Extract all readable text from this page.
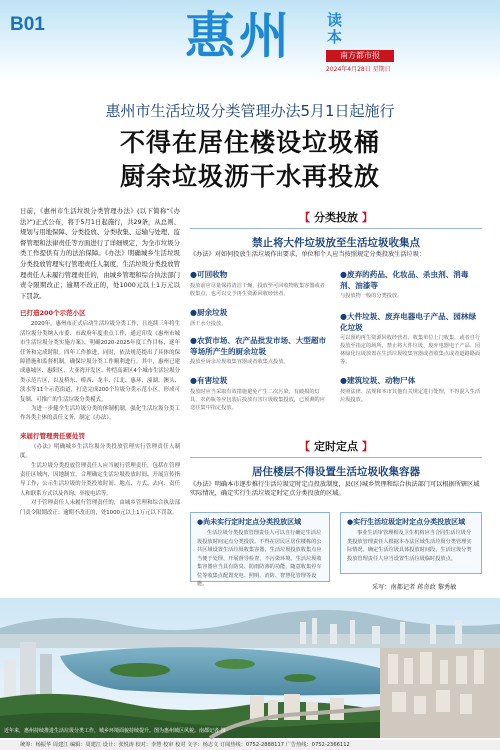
B01	惠州 读本
南方都市报
2024年4月28日 星期日
惠州市生活垃圾分类管理办法5月1日起施行
不得在居住楼设垃圾桶
厨余垃圾沥干水再投放

日前，《惠州市生活垃圾分类管理办法》(以下简称“《办法》”)正式公布，将于5月1日起施行，共29条，从总则、规划与用地保障、分类投放、分类收集、运输与处理、监督管理和法律责任等方面进行了详细规定，为全市垃圾分类工作提供有力的法治保障。《办法》明确城乡生活垃圾分类投放管理实行管理责任人制度，生活垃圾分类投放管理责任人未履行管理责任的，由城乡管理和综合执法部门责令限期改正；逾期不改正的，处1000元以上1万元以下罚款。

已打造200个示范小区

2020年，惠州市正式启动生活垃圾分类工作，且连续三年将生活垃圾分类纳入市委、市政府年度重点工作，通过印发《惠州市城市生活垃圾分类实施方案》、明确2020-2025年度工作目标，逐年任务和完成时限。四年工作推进，同时，依法规范提出了具体的保障措施和监督机制，确保垃圾分类工作顺利进行。其中，惠州已建成惠城区、惠阳区、大亚湾开发区、仲恺高新区4个城市生活垃圾分类示范片区，以及桥东、桥西、龙丰、江北、惠环、潼湖、澳头、淡水等11个示范街道，打造完成200个垃圾分类示范小区，形成可复制、可推广的生活垃圾分类模式。

为进一步健全生活垃圾分类的体制机制，强化生活垃圾分类工作各类主体的责任义务，制定《办法》。

来届行管理责任要处罚

《办法》明确城乡生活垃圾分类投放管理实行管理责任人制度。

生活垃圾分类投放管理责任人应当履行管理责任，包括在管理责任区域内，因地制宜，合理确定生活垃圾投放时间、开展宣传指导工作，公示生活垃圾的分类投放时间、地点、方式、去向、责任人和联系方式以及咨询、举报电话等。

对于管理责任人未履行管理责任的，由城乡管理和综合执法部门责令限期改正；逾期不改正的，处1000元以上1万元以下罚款。

【 分类投放 】
禁止将大件垃圾放至生活垃圾收集点
《办法》对如何投放生活垃圾作出要求，单位和个人应当按照规定分类投放生活垃圾：
●可回收物
投放前应尽量保持清洁干燥，投放至可回收物收集容器或者收集点，也可以交予再生资源回收经营者。
●厨余垃圾
沥干水分投放。
●农贸市场、农产品批发市场、大型超市等场所产生的厨余垃圾
投放至厨余垃圾收集容器或者收集点投放。
●有害垃圾
投放时应当采取有效措施避免产生二次污染，有破损的灯具、农药瓶等应包装后投放有害垃圾收集投放，已预测的应送往集中指定投放。
●废弃的药品、化妆品、杀虫剂、消毒剂、油漆等
与投放物一般的分类投放。
●大件垃圾、废弃电器电子产品、园林绿化垃圾
可以预约再生资源回收经营者、收集单位上门收集，或者自行投放至指定的场所，禁止将大件垃圾、废弃电器电子产品、园林绿化垃圾放置在生活垃圾收集容器或者收集点或者道路路面等。
●建筑垃圾、动物尸体
按照法律、法规和本市其他有关规定进行处理，不得混入生活垃圾投放。
【 定时定点 】
居住楼层不得设置生活垃圾收集容器
《办法》明确本市逐步推行生活垃圾定时定点投放制度，县(区)城乡管理和综合执法部门可以根据所辖区域实际情况，确定实行生活垃圾定时定点分类投放的区域。
●尚未实行定时定点分类投放区域
生活垃圾分类投放管理责任人可以自行确定生活垃圾投放时间定点分类投放。不得在居民区居住楼栋的公共区域设置生活垃圾收集容器，生活垃圾投放收集点应当便于处理、开展督导检查，不污染环境。生活垃圾收集容器应当具有防臭、防雨防渗的功能，随意收集停车位等收集点配置充电、照明、消防、智慧化管理等设施。
●实行生活垃圾定时定点分类投放区域
事业生活审管理相及卫生机构应当合同生活垃圾分类投放管理责任人根据本办法区域生活垃圾分类管理实际情况，确定生活垃圾具体投放时间段，生活垃圾分类投放管理责任人应当设置生活垃圾临时投放点。
采写：南都记者 蒋奇政 黎秀敏
近年来，惠州持续推进生活垃圾分类工作，城乡环境面貌持续提升。图为惠州城区风貌。南都记者 摄
统筹：杨振华 周建江 编辑：周建江 设计：张悦涛 校对：李慧 校审 校对 文字：杨志文 订阅热线：0752-2888117 广告热线：0752-2366112
